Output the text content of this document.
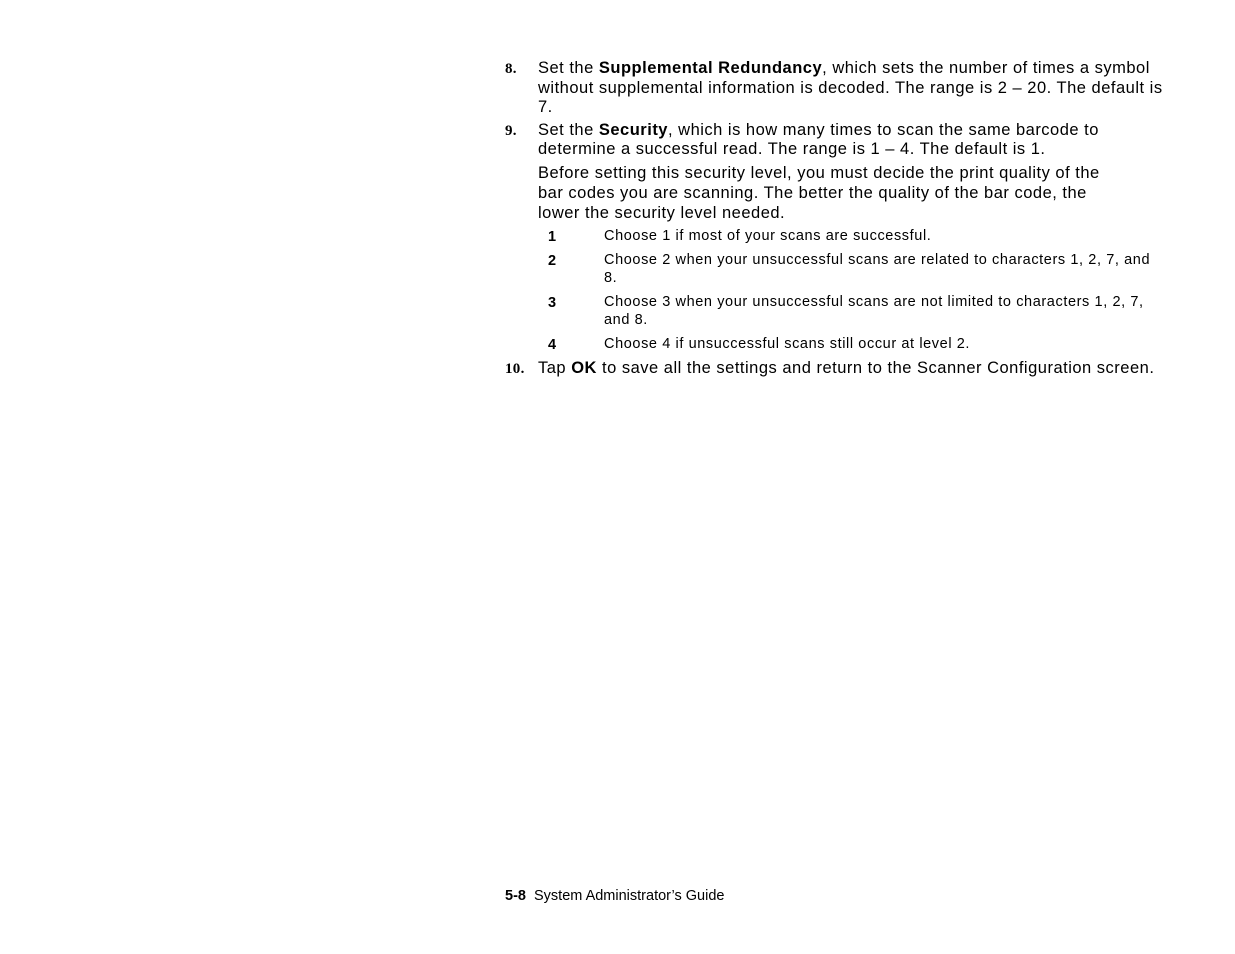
8. Set the Supplemental Redundancy, which sets the number of times a symbol without supplemental information is decoded. The range is 2 – 20. The default is 7.
9. Set the Security, which is how many times to scan the same barcode to determine a successful read. The range is 1 – 4. The default is 1.
Before setting this security level, you must decide the print quality of the bar codes you are scanning. The better the quality of the bar code, the lower the security level needed.
1	Choose 1 if most of your scans are successful.
2	Choose 2 when your unsuccessful scans are related to characters 1, 2, 7, and 8.
3	Choose 3 when your unsuccessful scans are not limited to characters 1, 2, 7, and 8.
4	Choose 4 if unsuccessful scans still occur at level 2.
10. Tap OK to save all the settings and return to the Scanner Configuration screen.
5-8 System Administrator’s Guide
